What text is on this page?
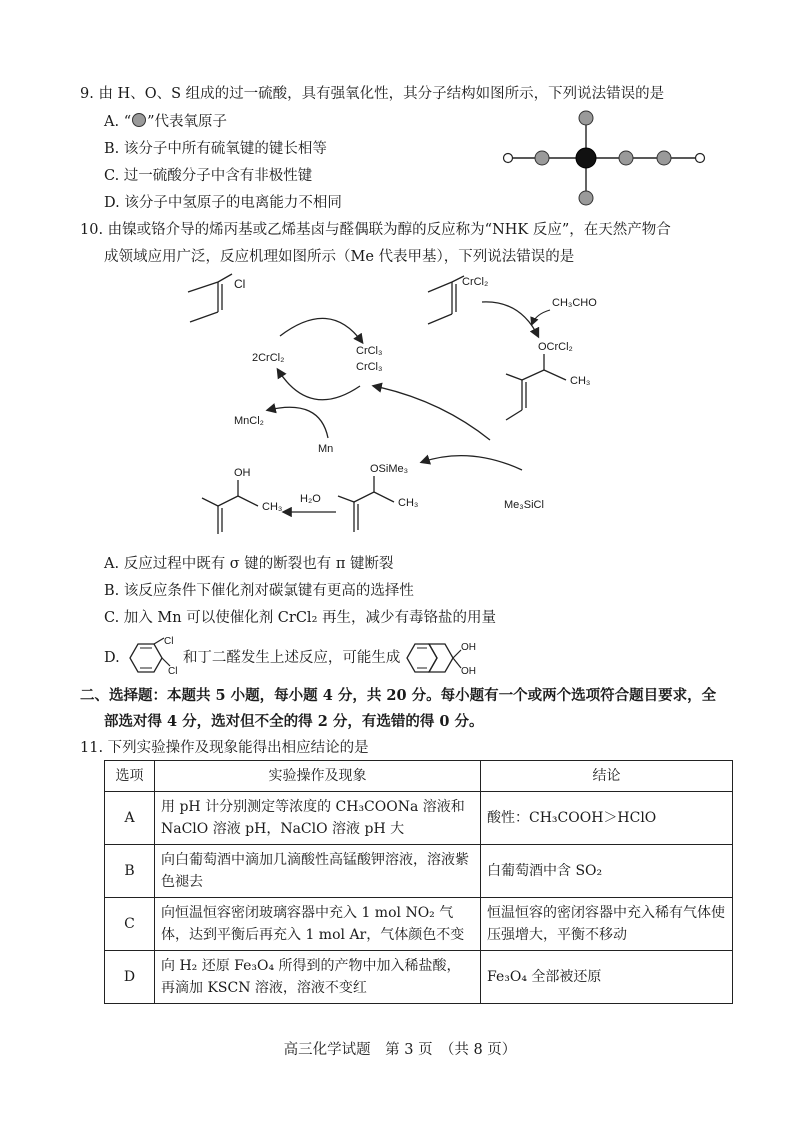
9. 由 H、O、S 组成的过一硫酸，具有强氧化性，其分子结构如图所示，下列说法错误的是
A. “ ”代表氧原子
B. 该分子中所有硫氧键的键长相等
C. 过一硫酸分子中含有非极性键
D. 该分子中氢原子的电离能力不相同
10. 由镍或铬介导的烯丙基或乙烯基卤与醛偶联为醇的反应称为“NHK 反应”，在天然产物合
成领域应用广泛，反应机理如图所示（Me 代表甲基），下列说法错误的是
Cl	CrCl₂
CH₃CHO
OCrCl₂
CH₃
2CrCl₂
CrCl₃
CrCl₃
MnCl₂
Mn
Me₃SiCl
OSiMe₃
CH₃
H₂O
OH
CH₃
A. 反应过程中既有 σ 键的断裂也有 π 键断裂
B. 该反应条件下催化剂对碳氯键有更高的选择性
C. 加入 Mn 可以使催化剂 CrCl₂ 再生，减少有毒铬盐的用量
D.
Cl
Cl
和丁二醛发生上述反应，可能生成
OH
OH
二、选择题：本题共 5 小题，每小题 4 分，共 20 分。每小题有一个或两个选项符合题目要求，全
部选对得 4 分，选对但不全的得 2 分，有选错的得 0 分。
11. 下列实验操作及现象能得出相应结论的是
选项	实验操作及现象	结论
A	用 pH 计分别测定等浓度的 CH₃COONa 溶液和 NaClO 溶液 pH，NaClO 溶液 pH 大	酸性：CH₃COOH＞HClO
B	向白葡萄酒中滴加几滴酸性高锰酸钾溶液，溶液紫色褪去	白葡萄酒中含 SO₂
C	向恒温恒容密闭玻璃容器中充入 1 mol NO₂ 气体，达到平衡后再充入 1 mol Ar，气体颜色不变	恒温恒容的密闭容器中充入稀有气体使压强增大，平衡不移动
D	向 H₂ 还原 Fe₃O₄ 所得到的产物中加入稀盐酸，再滴加 KSCN 溶液，溶液不变红	Fe₃O₄ 全部被还原
高三化学试题　第 3 页　（共 8 页）
